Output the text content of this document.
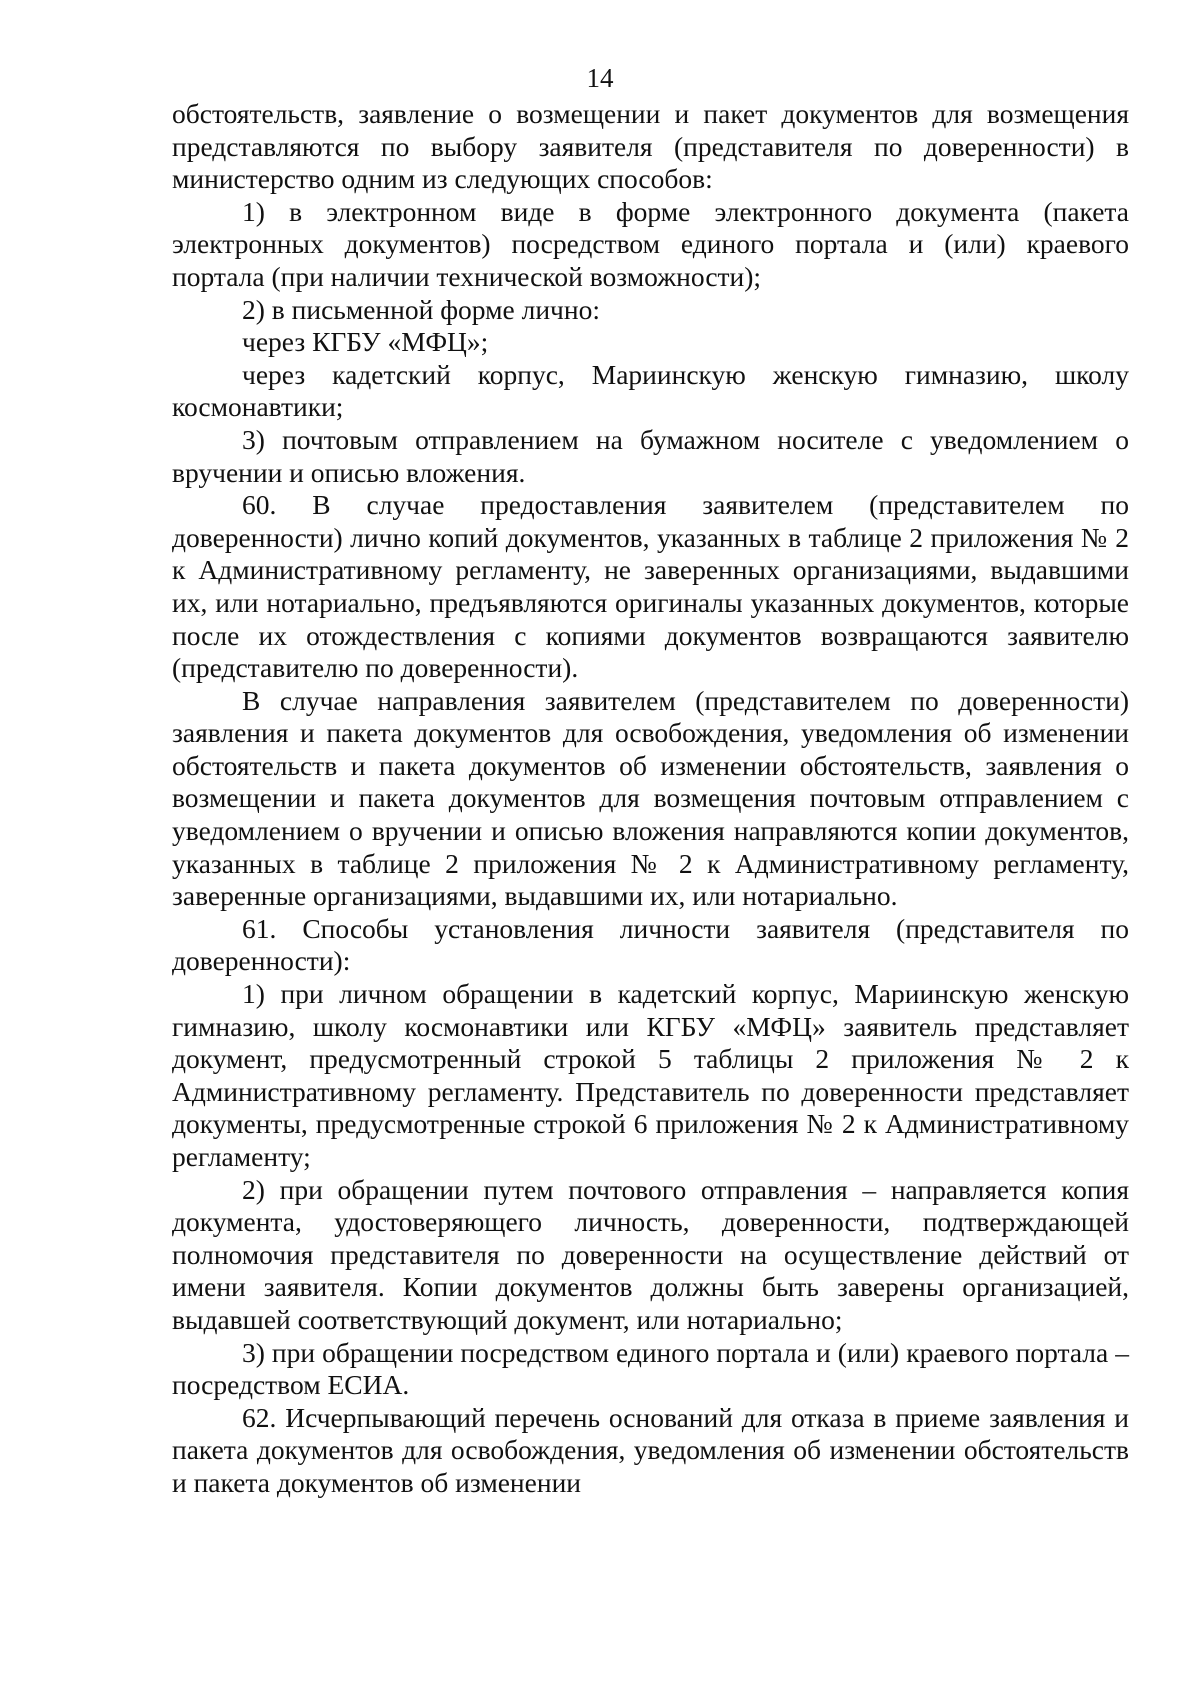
14

обстоятельств, заявление о возмещении и пакет документов для возмещения представляются по выбору заявителя (представителя по доверенности) в министерство одним из следующих способов:

1) в электронном виде в форме электронного документа (пакета электронных документов) посредством единого портала и (или) краевого портала (при наличии технической возможности);

2) в письменной форме лично:

через КГБУ «МФЦ»;

через кадетский корпус, Мариинскую женскую гимназию, школу космонавтики;

3) почтовым отправлением на бумажном носителе с уведомлением о вручении и описью вложения.

60. В случае предоставления заявителем (представителем по доверенности) лично копий документов, указанных в таблице 2 приложения № 2 к Административному регламенту, не заверенных организациями, выдавшими их, или нотариально, предъявляются оригиналы указанных документов, которые после их отождествления с копиями документов возвращаются заявителю (представителю по доверенности).

В случае направления заявителем (представителем по доверенности) заявления и пакета документов для освобождения, уведомления об изменении обстоятельств и пакета документов об изменении обстоятельств, заявления о возмещении и пакета документов для возмещения почтовым отправлением с уведомлением о вручении и описью вложения направляются копии документов, указанных в таблице 2 приложения № 2 к Административному регламенту, заверенные организациями, выдавшими их, или нотариально.

61. Способы установления личности заявителя (представителя по доверенности):

1) при личном обращении в кадетский корпус, Мариинскую женскую гимназию, школу космонавтики или КГБУ «МФЦ» заявитель представляет документ, предусмотренный строкой 5 таблицы 2 приложения № 2 к Административному регламенту. Представитель по доверенности представляет документы, предусмотренные строкой 6 приложения № 2 к Административному регламенту;

2) при обращении путем почтового отправления – направляется копия документа, удостоверяющего личность, доверенности, подтверждающей полномочия представителя по доверенности на осуществление действий от имени заявителя. Копии документов должны быть заверены организацией, выдавшей соответствующий документ, или нотариально;

3) при обращении посредством единого портала и (или) краевого портала – посредством ЕСИА.

62. Исчерпывающий перечень оснований для отказа в приеме заявления и пакета документов для освобождения, уведомления об изменении обстоятельств и пакета документов об изменении
